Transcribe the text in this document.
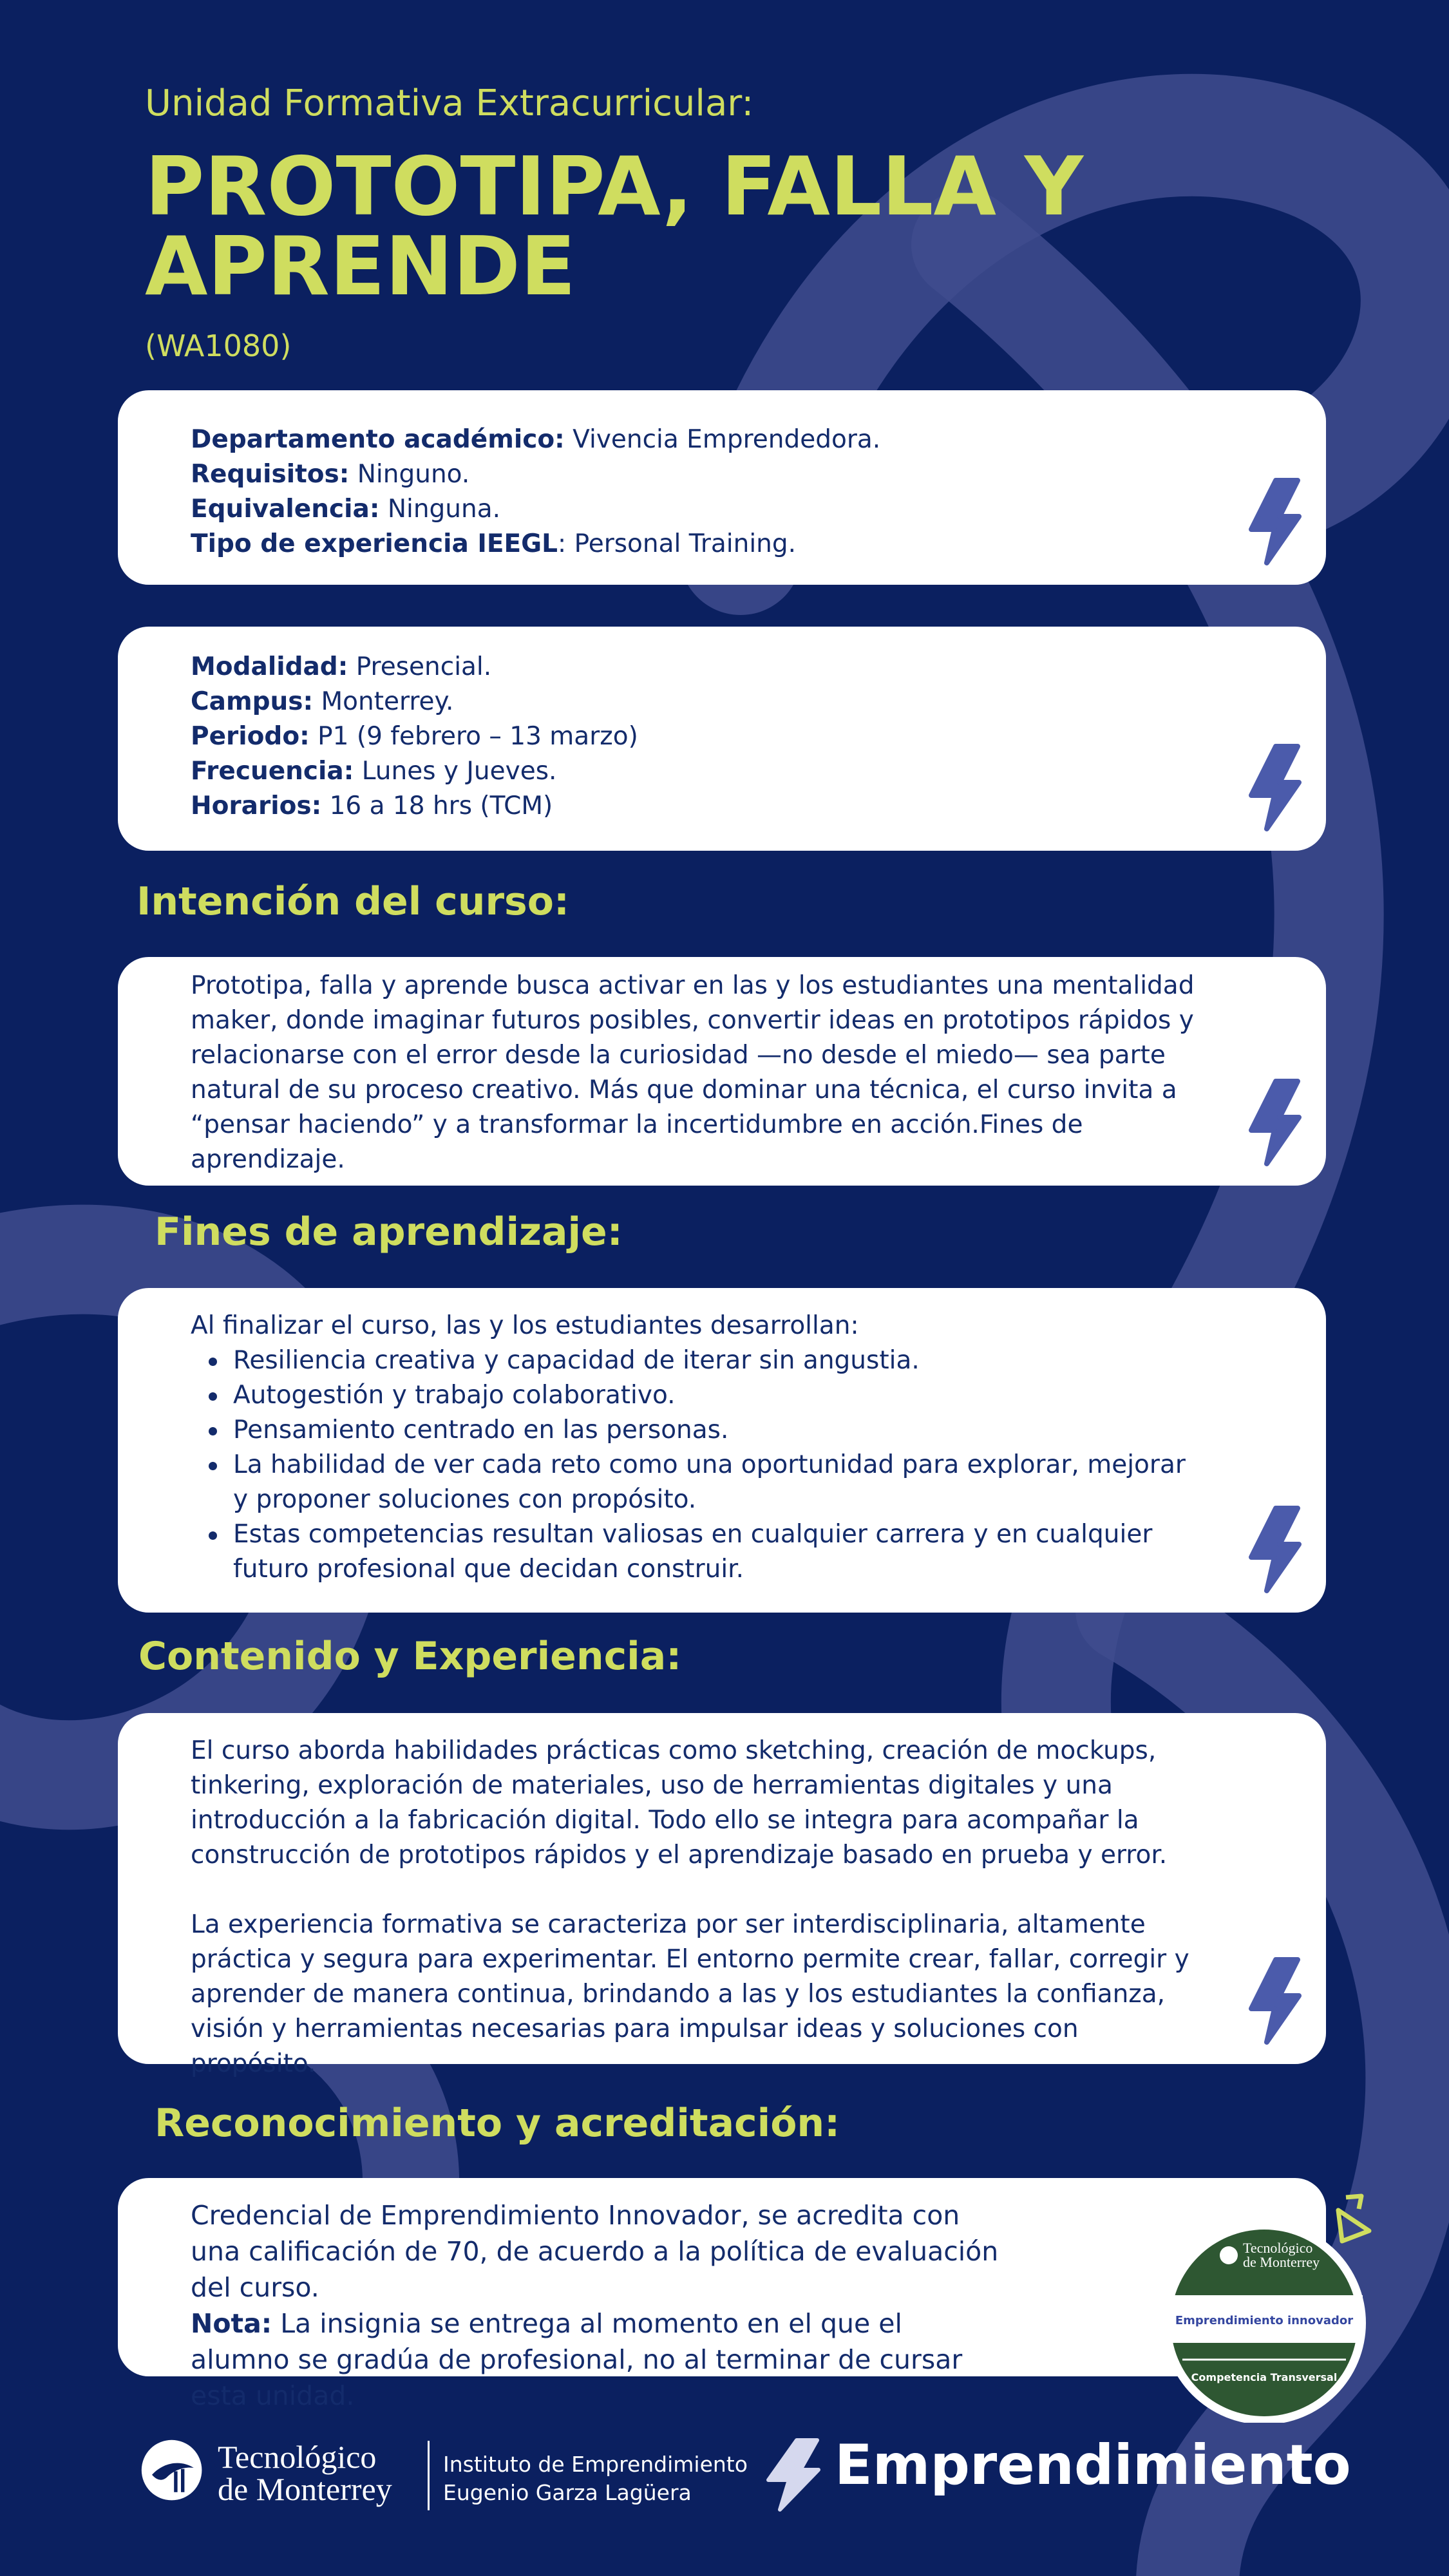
Unidad Formativa Extracurricular:
PROTOTIPA, FALLA Y APRENDE
(WA1080)
Departamento académico: Vivencia Emprendedora.
Requisitos: Ninguno.
Equivalencia: Ninguna.
Tipo de experiencia IEEGL: Personal Training.
Modalidad: Presencial.
Campus: Monterrey.
Periodo: P1 (9 febrero – 13 marzo)
Frecuencia: Lunes y Jueves.
Horarios: 16 a 18 hrs (TCM)
Intención del curso:
Prototipa, falla y aprende busca activar en las y los estudiantes una mentalidad maker, donde imaginar futuros posibles, convertir ideas en prototipos rápidos y relacionarse con el error desde la curiosidad —no desde el miedo— sea parte natural de su proceso creativo. Más que dominar una técnica, el curso invita a “pensar haciendo” y a transformar la incertidumbre en acción.Fines de aprendizaje.
Fines de aprendizaje:
Al finalizar el curso, las y los estudiantes desarrollan:
Resiliencia creativa y capacidad de iterar sin angustia.
Autogestión y trabajo colaborativo.
Pensamiento centrado en las personas.
La habilidad de ver cada reto como una oportunidad para explorar, mejorar y proponer soluciones con propósito.
Estas competencias resultan valiosas en cualquier carrera y en cualquier futuro profesional que decidan construir.
Contenido y Experiencia:
El curso aborda habilidades prácticas como sketching, creación de mockups, tinkering, exploración de materiales, uso de herramientas digitales y una introducción a la fabricación digital. Todo ello se integra para acompañar la construcción de prototipos rápidos y el aprendizaje basado en prueba y error.
La experiencia formativa se caracteriza por ser interdisciplinaria, altamente práctica y segura para experimentar. El entorno permite crear, fallar, corregir y aprender de manera continua, brindando a las y los estudiantes la confianza, visión y herramientas necesarias para impulsar ideas y soluciones con propósito.
Reconocimiento y acreditación:
Credencial de Emprendimiento Innovador, se acredita con una calificación de 70, de acuerdo a la política de evaluación del curso.
Nota: La insignia se entrega al momento en el que el alumno se gradúa de profesional, no al terminar de cursar esta unidad.
Tecnológico
de Monterrey
Emprendimiento innovador
Competencia Transversal
Tecnológico
de Monterrey
Instituto de Emprendimiento
Eugenio Garza Lagüera	Emprendimiento
